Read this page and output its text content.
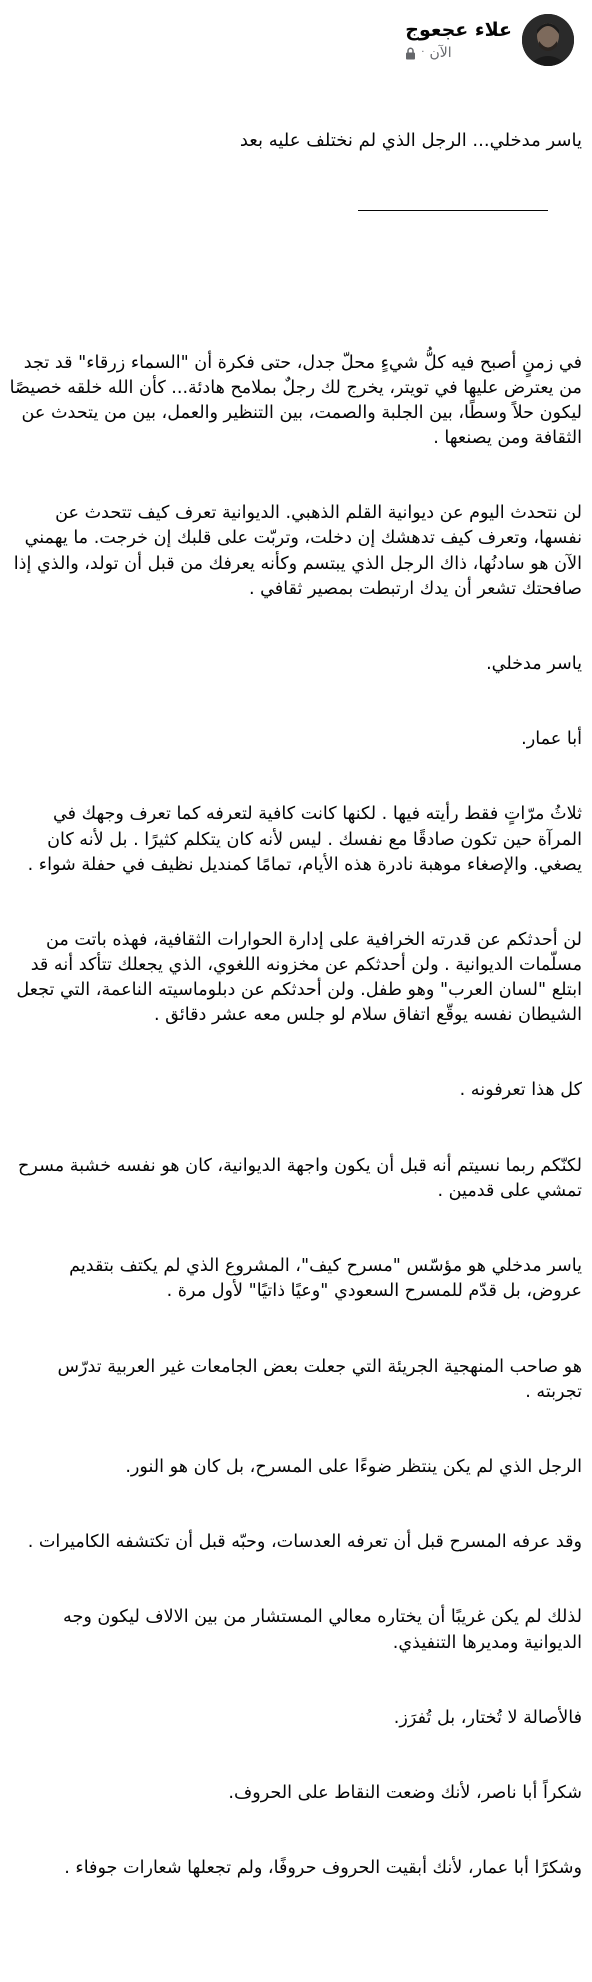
علاء عجعوج
الآن
·

ياسر مدخلي... الرجل الذي لم نختلف عليه بعد

في زمنٍ أصبح فيه كلُّ شيءٍ محلّ جدل، حتى فكرة أن "السماء زرقاء" قد تجد من يعترض عليها في تويتر، يخرج لك رجلٌ بملامح هادئة... كأن الله خلقه خصيصًا ليكون حلاً وسطًا، بين الجلبة والصمت، بين التنظير والعمل، بين من يتحدث عن الثقافة ومن يصنعها .

لن نتحدث اليوم عن ديوانية القلم الذهبي. الديوانية تعرف كيف تتحدث عن نفسها، وتعرف كيف تدهشك إن دخلت، وتربّت على قلبك إن خرجت. ما يهمني الآن هو سادنُها، ذاك الرجل الذي يبتسم وكأنه يعرفك من قبل أن تولد، والذي إذا صافحتك تشعر أن يدك ارتبطت بمصير ثقافي .

ياسر مدخلي.

أبا عمار.

ثلاثُ مرّاتٍ فقط رأيته فيها . لكنها كانت كافية لتعرفه كما تعرف وجهك في المرآة حين تكون صادقًا مع نفسك . ليس لأنه كان يتكلم كثيرًا . بل لأنه كان يصغي. والإصغاء موهبة نادرة هذه الأيام، تمامًا كمنديل نظيف في حفلة شواء .

لن أحدثكم عن قدرته الخرافية على إدارة الحوارات الثقافية، فهذه باتت من مسلّمات الديوانية . ولن أحدثكم عن مخزونه اللغوي، الذي يجعلك تتأكد أنه قد ابتلع "لسان العرب" وهو طفل. ولن أحدثكم عن دبلوماسيته الناعمة، التي تجعل الشيطان نفسه يوقّع اتفاق سلام لو جلس معه عشر دقائق .

كل هذا تعرفونه .

لكنّكم ربما نسيتم أنه قبل أن يكون واجهة الديوانية، كان هو نفسه خشبة مسرح تمشي على قدمين .

ياسر مدخلي هو مؤسّس "مسرح كيف"، المشروع الذي لم يكتف بتقديم عروض، بل قدّم للمسرح السعودي "وعيًا ذاتيًا" لأول مرة .

هو صاحب المنهجية الجريئة التي جعلت بعض الجامعات غير العربية تدرّس تجربته .

الرجل الذي لم يكن ينتظر ضوءًا على المسرح، بل كان هو النور.

وقد عرفه المسرح قبل أن تعرفه العدسات، وحبّه قبل أن تكتشفه الكاميرات .

لذلك لم يكن غريبًا أن يختاره معالي المستشار من بين الالاف ليكون وجه الديوانية ومديرها التنفيذي.

فالأصالة لا تُختار، بل تُفرَز.

شكراً أبا ناصر، لأنك وضعت النقاط على الحروف.

وشكرًا أبا عمار، لأنك أبقيت الحروف حروفًا، ولم تجعلها شعارات جوفاء .
